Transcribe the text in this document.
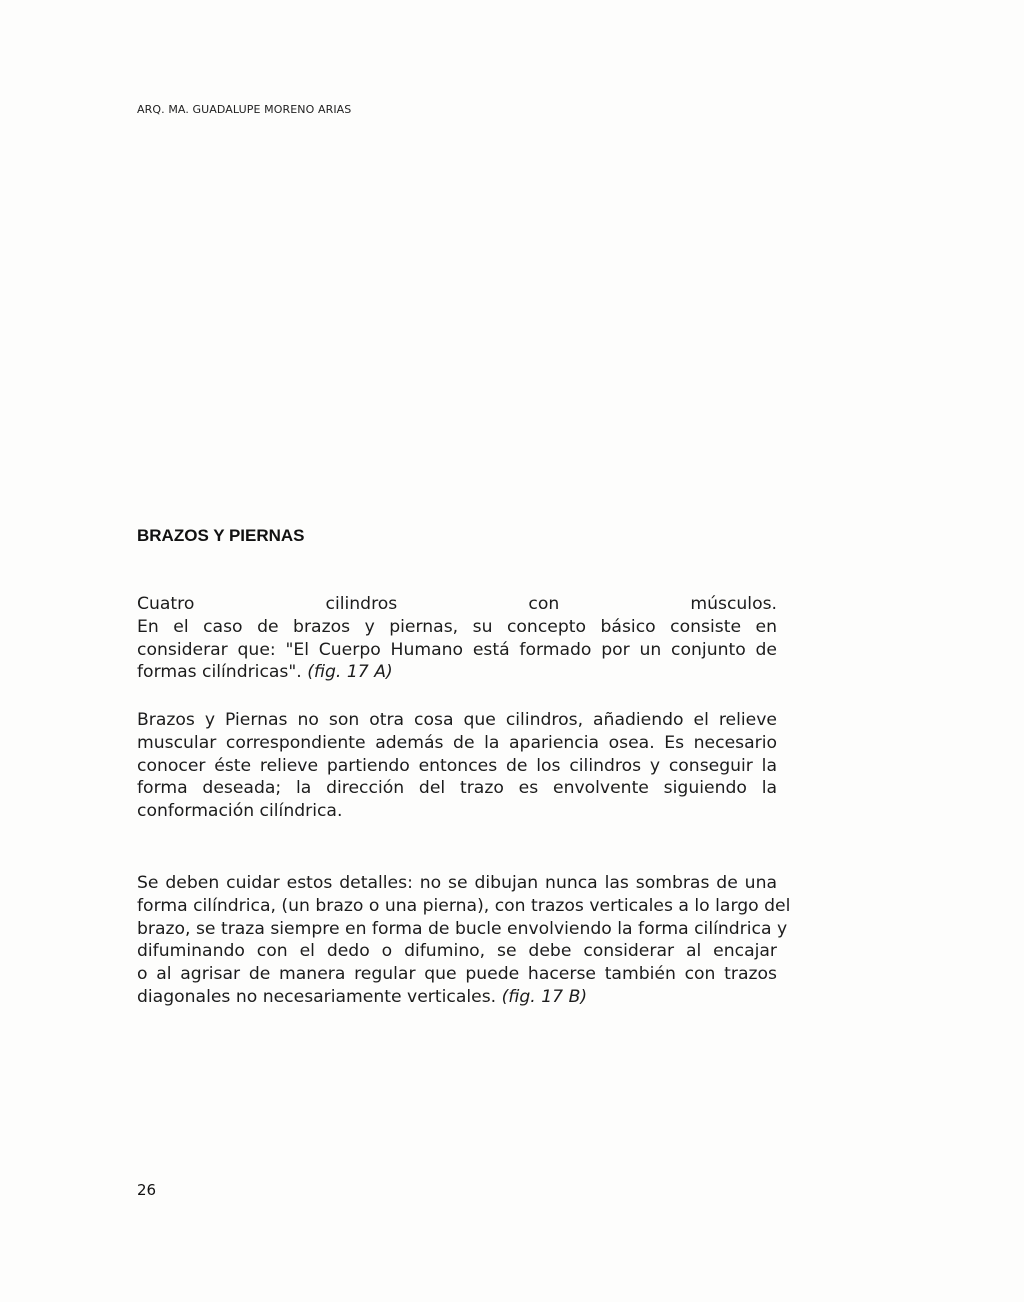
ARQ. MA. GUADALUPE MORENO ARIAS
BRAZOS Y PIERNAS
Cuatro cilindros con músculos.
En el caso de brazos y piernas, su concepto básico consiste en
considerar que: "El Cuerpo Humano está formado por un conjunto de
formas cilíndricas". (fig. 17 A)
Brazos y Piernas no son otra cosa que cilindros, añadiendo el relieve
muscular correspondiente además de la apariencia osea. Es necesario
conocer éste relieve partiendo entonces de los cilindros y conseguir la
forma deseada; la dirección del trazo es envolvente siguiendo la
conformación cilíndrica.
Se deben cuidar estos detalles: no se dibujan nunca las sombras de una
forma cilíndrica, (un brazo o una pierna), con trazos verticales a lo largo del
brazo, se traza siempre en forma de bucle envolviendo la forma cilíndrica y
difuminando con el dedo o difumino, se debe considerar al encajar
o al agrisar de manera regular que puede hacerse también con trazos
diagonales no necesariamente verticales. (fig. 17 B)
26
